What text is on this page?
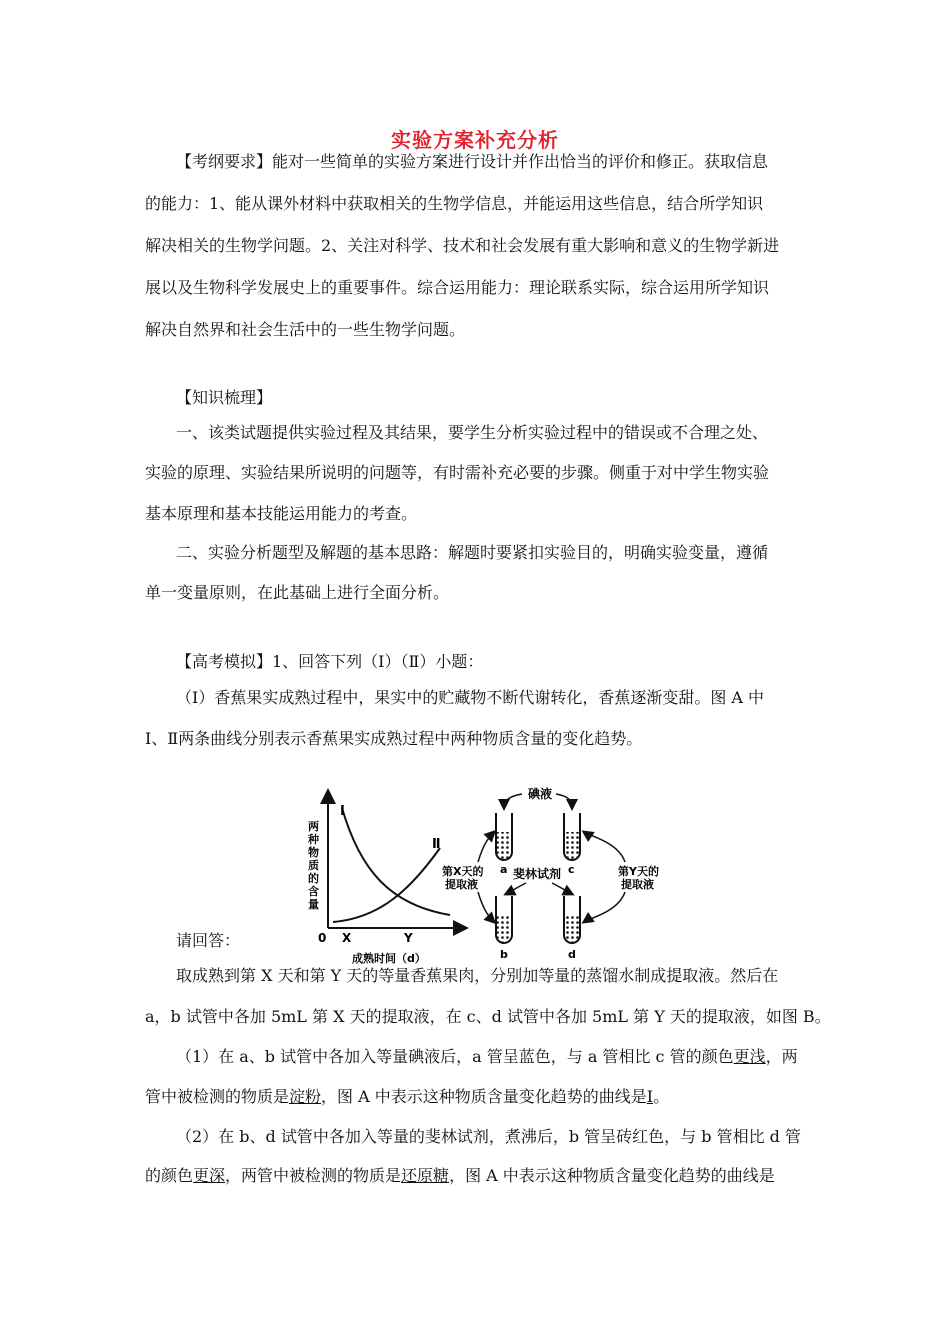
实验方案补充分析
【考纲要求】能对一些简单的实验方案进行设计并作出恰当的评价和修正。获取信息
的能力：1、能从课外材料中获取相关的生物学信息，并能运用这些信息，结合所学知识
解决相关的生物学问题。2、关注对科学、技术和社会发展有重大影响和意义的生物学新进
展以及生物科学发展史上的重要事件。综合运用能力：理论联系实际，综合运用所学知识
解决自然界和社会生活中的一些生物学问题。
【知识梳理】
一、该类试题提供实验过程及其结果，要学生分析实验过程中的错误或不合理之处、
实验的原理、实验结果所说明的问题等，有时需补充必要的步骤。侧重于对中学生物实验
基本原理和基本技能运用能力的考查。
二、实验分析题型及解题的基本思路：解题时要紧扣实验目的，明确实验变量，遵循
单一变量原则，在此基础上进行全面分析。
【高考模拟】1、回答下列（Ⅰ）（Ⅱ）小题：
（Ⅰ）香蕉果实成熟过程中，果实中的贮藏物不断代谢转化，香蕉逐渐变甜。图 A 中
Ⅰ、Ⅱ两条曲线分别表示香蕉果实成熟过程中两种物质含量的变化趋势。
Ⅰ
Ⅱ
两
种
物
质
的
含
量
0 X	Y
成熟时间（d）
碘液
斐林试剂
第X天的
提取液
第Y天的
提取液
a	c
b	d
请回答：
取成熟到第 X 天和第 Y 天的等量香蕉果肉，分别加等量的蒸馏水制成提取液。然后在
a，b 试管中各加 5mL 第 X 天的提取液，在 c、d 试管中各加 5mL 第 Y 天的提取液，如图 B。
（1）在 a、b 试管中各加入等量碘液后，a 管呈蓝色，与 a 管相比 c 管的颜色更浅，两
管中被检测的物质是淀粉，图 A 中表示这种物质含量变化趋势的曲线是Ⅰ。
（2）在 b、d 试管中各加入等量的斐林试剂，煮沸后，b 管呈砖红色，与 b 管相比 d 管
的颜色更深，两管中被检测的物质是还原糖，图 A 中表示这种物质含量变化趋势的曲线是
